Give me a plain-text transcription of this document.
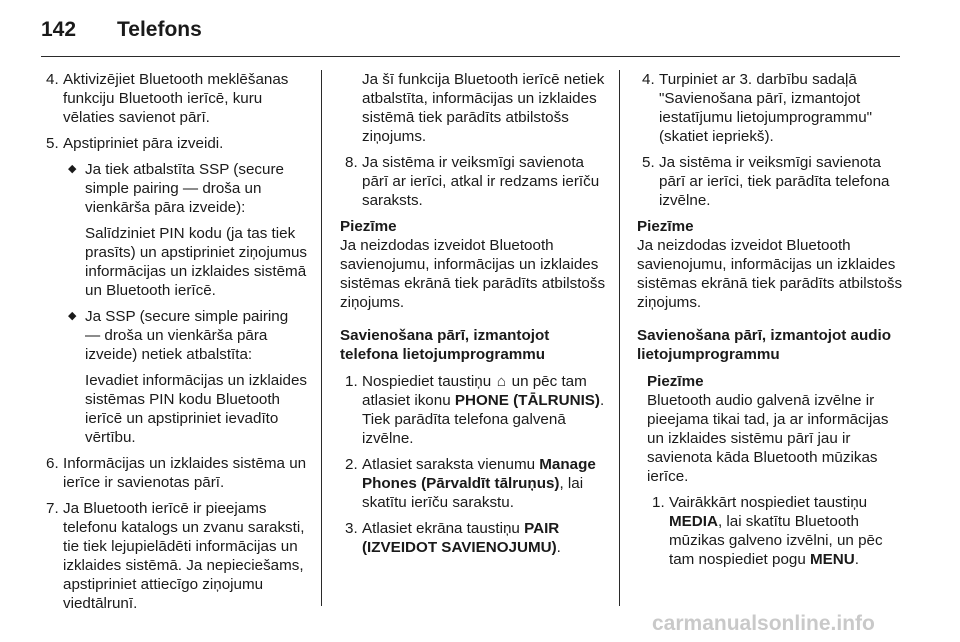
142 Telefons
4. Aktivizējiet Bluetooth meklēšanas funkciju Bluetooth ierīcē, kuru vēlaties savienot pārī.
5. Apstipriniet pāra izveidi.
◆ Ja tiek atbalstīta SSP (secure simple pairing — droša un vienkārša pāra izveide):
Salīdziniet PIN kodu (ja tas tiek prasīts) un apstipriniet ziņojumus informācijas un izklaides sistēmā un Bluetooth ierīcē.
◆ Ja SSP (secure simple pairing — droša un vienkārša pāra izveide) netiek atbalstīta:
Ievadiet informācijas un izklaides sistēmas PIN kodu Bluetooth ierīcē un apstipriniet ievadīto vērtību.
6. Informācijas un izklaides sistēma un ierīce ir savienotas pārī.
7. Ja Bluetooth ierīcē ir pieejams telefonu katalogs un zvanu saraksti, tie tiek lejupielādēti informācijas un izklaides sistēmā. Ja nepieciešams, apstipriniet attiecīgo ziņojumu viedtālrunī.
Ja šī funkcija Bluetooth ierīcē netiek atbalstīta, informācijas un izklaides sistēmā tiek parādīts atbilstošs ziņojums.
8. Ja sistēma ir veiksmīgi savienota pārī ar ierīci, atkal ir redzams ierīču saraksts.
Piezīme
Ja neizdodas izveidot Bluetooth savienojumu, informācijas un izklaides sistēmas ekrānā tiek parādīts atbilstošs ziņojums.
Savienošana pārī, izmantojot telefona lietojumprogrammu
1. Nospiediet taustiņu ⌂ un pēc tam atlasiet ikonu PHONE (TĀLRUNIS). Tiek parādīta telefona galvenā izvēlne.
2. Atlasiet saraksta vienumu Manage Phones (Pārvaldīt tālruņus), lai skatītu ierīču sarakstu.
3. Atlasiet ekrāna taustiņu PAIR (IZVEIDOT SAVIENOJUMU).
4. Turpiniet ar 3. darbību sadaļā "Savienošana pārī, izmantojot iestatījumu lietojumprogrammu" (skatiet iepriekš).
5. Ja sistēma ir veiksmīgi savienota pārī ar ierīci, tiek parādīta telefona izvēlne.
Piezīme
Ja neizdodas izveidot Bluetooth savienojumu, informācijas un izklaides sistēmas ekrānā tiek parādīts atbilstošs ziņojums.
Savienošana pārī, izmantojot audio lietojumprogrammu
Piezīme
Bluetooth audio galvenā izvēlne ir pieejama tikai tad, ja ar informācijas un izklaides sistēmu pārī jau ir savienota kāda Bluetooth mūzikas ierīce.
1. Vairākkārt nospiediet taustiņu MEDIA, lai skatītu Bluetooth mūzikas galveno izvēlni, un pēc tam nospiediet pogu MENU.
carmanualsonline.info
